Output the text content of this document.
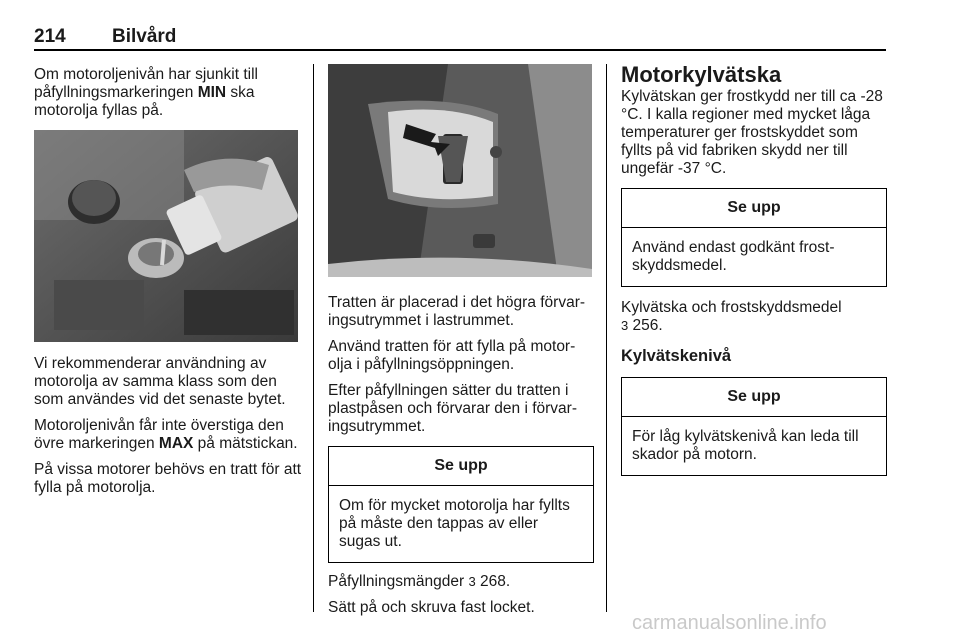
214 Bilvård

Om motoroljenivån har sjunkit till påfyllningsmarkeringen MIN ska motorolja fyllas på.

Vi rekommenderar användning av motorolja av samma klass som den som användes vid det senaste bytet.

Motoroljenivån får inte överstiga den övre markeringen MAX på mätstickan.

På vissa motorer behövs en tratt för att fylla på motorolja.

Tratten är placerad i det högra förvar-ingsutrymmet i lastrummet.

Använd tratten för att fylla på motor-olja i påfyllningsöppningen.

Efter påfyllningen sätter du tratten i plastpåsen och förvarar den i förvar-ingsutrymmet.

Se upp
Om för mycket motorolja har fyllts på måste den tappas av eller sugas ut.

Påfyllningsmängder 3 268.

Sätt på och skruva fast locket.

Motorkylvätska

Kylvätskan ger frostkydd ner till ca -28 °C. I kalla regioner med mycket låga temperaturer ger frostskyddet som fyllts på vid fabriken skydd ner till ungefär -37 °C.

Se upp
Använd endast godkänt frost-skyddsmedel.

Kylvätska och frostskyddsmedel
3 256.

Kylvätskenivå
Se upp
För låg kylvätskenivå kan leda till skador på motorn.
carmanualsonline.info
